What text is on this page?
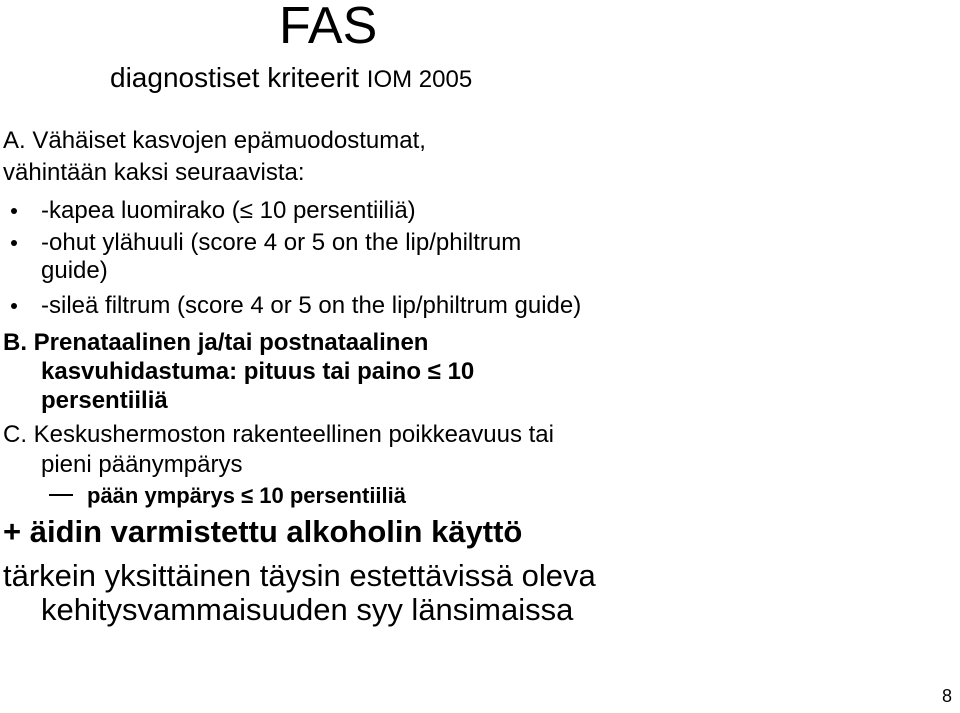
FAS
diagnostiset kriteerit IOM 2005
A. Vähäiset kasvojen epämuodostumat,
vähintään kaksi seuraavista:
-kapea luomirako (≤ 10 persentiiliä)
-ohut ylähuuli (score 4 or 5 on the lip/philtrum
guide)
-sileä filtrum (score 4 or 5 on the lip/philtrum guide)
B. Prenataalinen ja/tai postnataalinen
kasvuhidastuma: pituus tai paino ≤ 10
persentiiliä
C. Keskushermoston rakenteellinen poikkeavuus tai
pieni päänympärys
pään ympärys ≤ 10 persentiiliä
+ äidin varmistettu alkoholin käyttö
tärkein yksittäinen täysin estettävissä oleva
kehitysvammaisuuden syy länsimaissa
8
